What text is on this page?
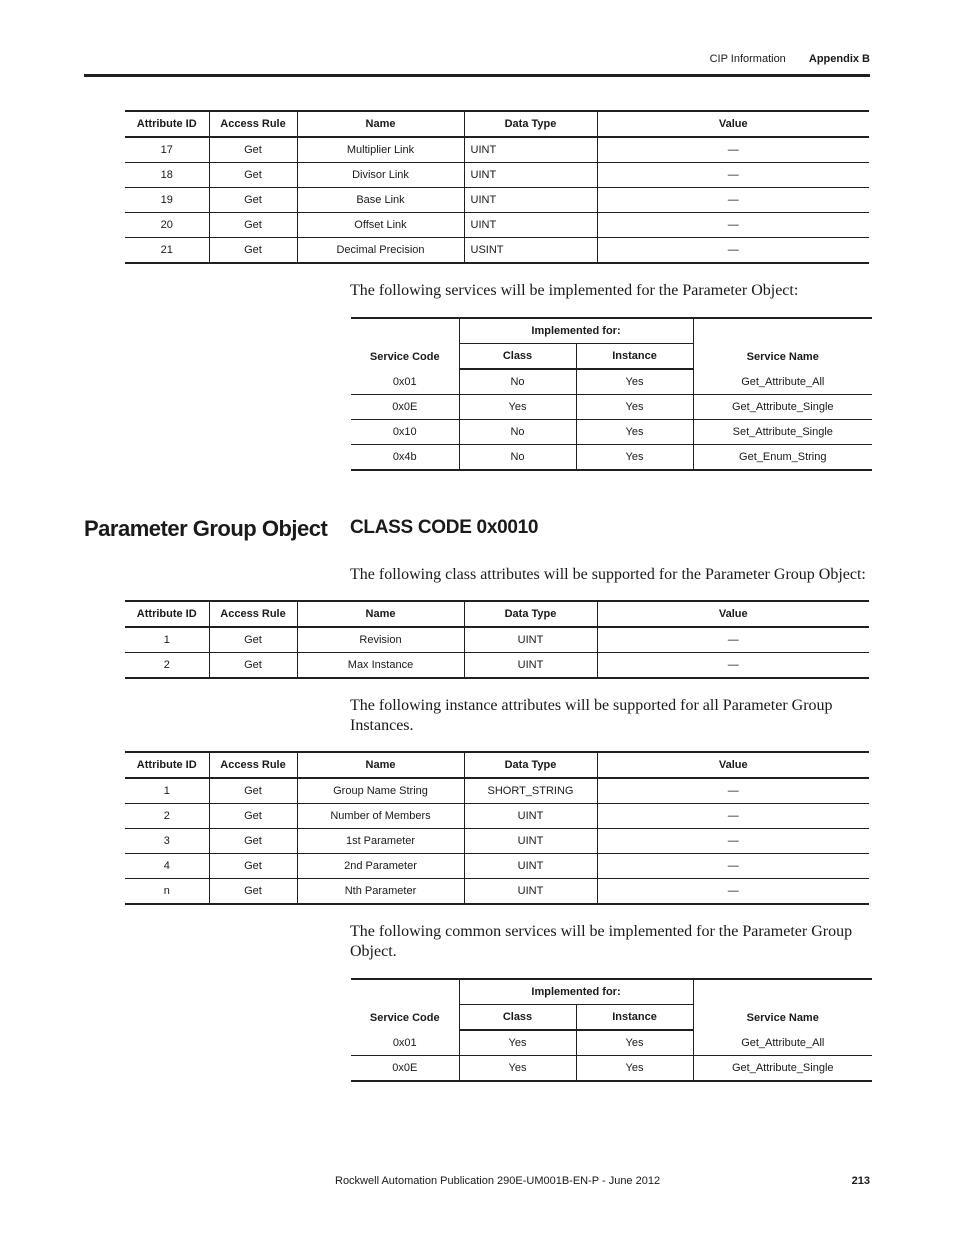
CIP Information Appendix B
Attribute ID	Access Rule	Name	Data Type	Value
17	Get	Multiplier Link	UINT	—
18	Get	Divisor Link	UINT	—
19	Get	Base Link	UINT	—
20	Get	Offset Link	UINT	—
21	Get	Decimal Precision	USINT	—

The following services will be implemented for the Parameter Object:

Service Code	Implemented for:		Service Name
	Class	Instance	
0x01	No	Yes	Get_Attribute_All
0x0E	Yes	Yes	Get_Attribute_Single
0x10	No	Yes	Set_Attribute_Single
0x4b	No	Yes	Get_Enum_String
Parameter Group Object CLASS CODE 0x0010

The following class attributes will be supported for the Parameter Group Object:

Attribute ID	Access Rule	Name	Data Type	Value
1	Get	Revision	UINT	—
2	Get	Max Instance	UINT	—

The following instance attributes will be supported for all Parameter Group Instances.

Attribute ID	Access Rule	Name	Data Type	Value
1	Get	Group Name String	SHORT_STRING	—
2	Get	Number of Members	UINT	—
3	Get	1st Parameter	UINT	—
4	Get	2nd Parameter	UINT	—
n	Get	Nth Parameter	UINT	—

The following common services will be implemented for the Parameter Group Object.

Service Code	Implemented for:		Service Name
	Class	Instance	
0x01	Yes	Yes	Get_Attribute_All
0x0E	Yes	Yes	Get_Attribute_Single
Rockwell Automation Publication 290E-UM001B-EN-P - June 2012	213
